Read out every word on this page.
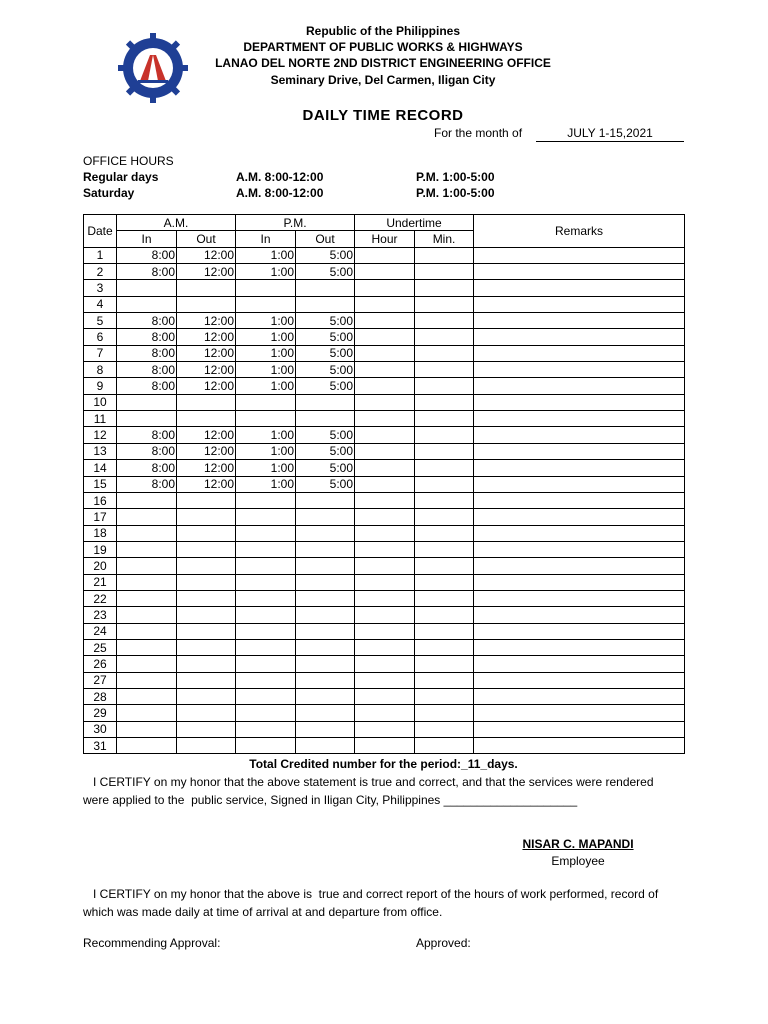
Republic of the Philippines
DEPARTMENT OF PUBLIC WORKS & HIGHWAYS
LANAO DEL NORTE 2ND DISTRICT ENGINEERING OFFICE
Seminary Drive, Del Carmen, Iligan City
DAILY TIME RECORD
For the month of	JULY 1-15,2021
OFFICE HOURS
Regular days	A.M. 8:00-12:00	P.M. 1:00-5:00
Saturday	A.M. 8:00-12:00	P.M. 1:00-5:00
Date	A.M.		P.M.		Undertime		Remarks
	In	Out	In	Out	Hour	Min.	
1	8:00	12:00	1:00	5:00			
2	8:00	12:00	1:00	5:00			
3							
4							
5	8:00	12:00	1:00	5:00			
6	8:00	12:00	1:00	5:00			
7	8:00	12:00	1:00	5:00			
8	8:00	12:00	1:00	5:00			
9	8:00	12:00	1:00	5:00			
10							
11							
12	8:00	12:00	1:00	5:00			
13	8:00	12:00	1:00	5:00			
14	8:00	12:00	1:00	5:00			
15	8:00	12:00	1:00	5:00			
16							
17							
18							
19							
20							
21							
22							
23							
24							
25							
26							
27							
28							
29							
30							
31							
Total Credited number for the period:_11_days.
I CERTIFY on my honor that the above statement is true and correct, and that the services were rendered
were applied to the  public service, Signed in Iligan City, Philippines ____________________
NISAR C. MAPANDI
Employee
I CERTIFY on my honor that the above is  true and correct report of the hours of work performed, record of
which was made daily at time of arrival at and departure from office.
Recommending Approval:	Approved:
